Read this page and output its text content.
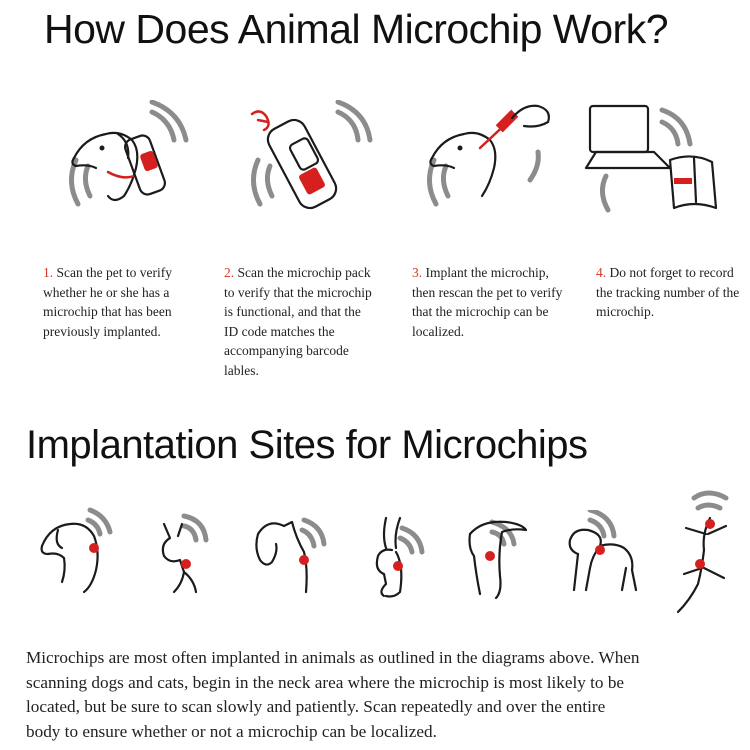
How Does Animal Microchip Work?
1. Scan the pet to verify
whether he or she has a
microchip that has been
previously implanted.
2. Scan the microchip pack
to verify that the microchip
is functional, and that the
ID code matches the
accompanying barcode
lables.
3. Implant the microchip,
then rescan the pet to verify
that the microchip can be
localized.
4. Do not forget to record
the tracking number of the
microchip.
Implantation Sites for Microchips
Microchips are most often implanted in animals as outlined in the diagrams above. When
scanning dogs and cats, begin in the neck area where the microchip is most likely to be
located, but be sure to scan slowly and patiently. Scan repeatedly and over the entire
body to ensure whether or not a microchip can be localized.
